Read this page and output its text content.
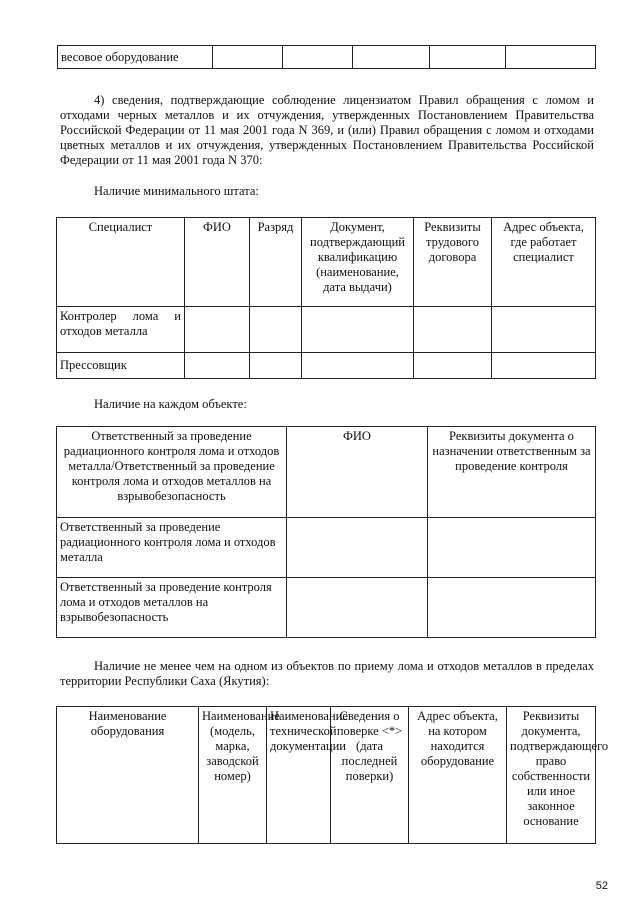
весовое оборудование					
4) сведения, подтверждающие соблюдение лицензиатом Правил обращения с ломом и отходами черных металлов и их отчуждения, утвержденных Постановлением Правительства Российской Федерации от 11 мая 2001 года N 369, и (или) Правил обращения с ломом и отходами цветных металлов и их отчуждения, утвержденных Постановлением Правительства Российской Федерации от 11 мая 2001 года N 370:
Наличие минимального штата:
Специалист	ФИО	Разряд	Документ, подтверждающий квалификацию (наименование, дата выдачи)	Реквизиты трудового договора	Адрес объекта, где работает специалист
Контролер лома и отходов металла					
Прессовщик					
Наличие на каждом объекте:
Ответственный за проведение радиационного контроля лома и отходов металла/Ответственный за проведение контроля лома и отходов металлов на взрывобезопасность	ФИО	Реквизиты документа о назначении ответственным за проведение контроля
Ответственный за проведение радиационного контроля лома и отходов металла		
Ответственный за проведение контроля лома и отходов металлов на взрывобезопасность		
Наличие не менее чем на одном из объектов по приему лома и отходов металлов в пределах территории Республики Саха (Якутия):
Наименование оборудования	Наименование (модель, марка, заводской номер)	Наименование технической документации	Сведения о поверке <*> (дата последней поверки)	Адрес объекта, на котором находится оборудование	Реквизиты документа, подтверждающего право собственности или иное законное основание
52
